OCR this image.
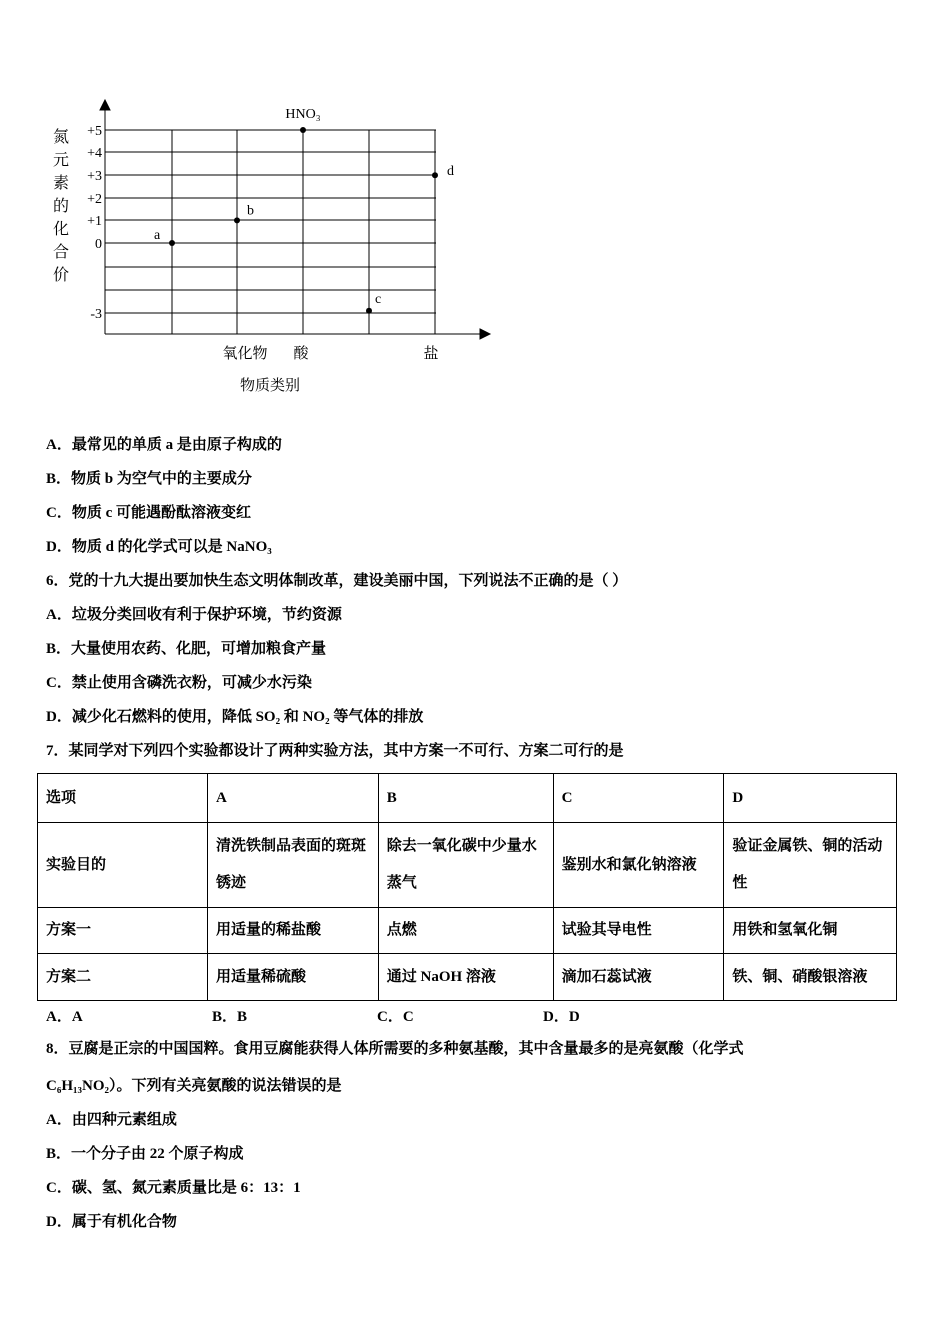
氮
元
素
的
化
合
价
+5
+4
+3
+2
+1
0
-3
氧化物 酸	盐
a
b
HNO₃
c
d
物质类别
A．最常见的单质 a 是由原子构成的
B．物质 b 为空气中的主要成分
C．物质 c 可能遇酚酞溶液变红
D．物质 d 的化学式可以是 NaNO₃
6．党的十九大提出要加快生态文明体制改革，建设美丽中国，下列说法不正确的是（ ）
A．垃圾分类回收有利于保护环境，节约资源
B．大量使用农药、化肥，可增加粮食产量
C．禁止使用含磷洗衣粉，可减少水污染
D．减少化石燃料的使用，降低 SO₂ 和 NO₂ 等气体的排放
7．某同学对下列四个实验都设计了两种实验方法，其中方案一不可行、方案二可行的是
选项	A	B	C	D
实验目的	清洗铁制品表面的斑斑锈迹	除去一氧化碳中少量水蒸气	鉴别水和氯化钠溶液	验证金属铁、铜的活动性
方案一	用适量的稀盐酸	点燃	试验其导电性	用铁和氢氧化铜
方案二	用适量稀硫酸	通过 NaOH 溶液	滴加石蕊试液	铁、铜、硝酸银溶液
A．A	B．B	C．C	D．D
8．豆腐是正宗的中国国粹。食用豆腐能获得人体所需要的多种氨基酸，其中含量最多的是亮氨酸（化学式
C₆H₁₃NO₂）。下列有关亮氨酸的说法错误的是
A．由四种元素组成
B．一个分子由 22 个原子构成
C．碳、氢、氮元素质量比是 6：13：1
D．属于有机化合物
